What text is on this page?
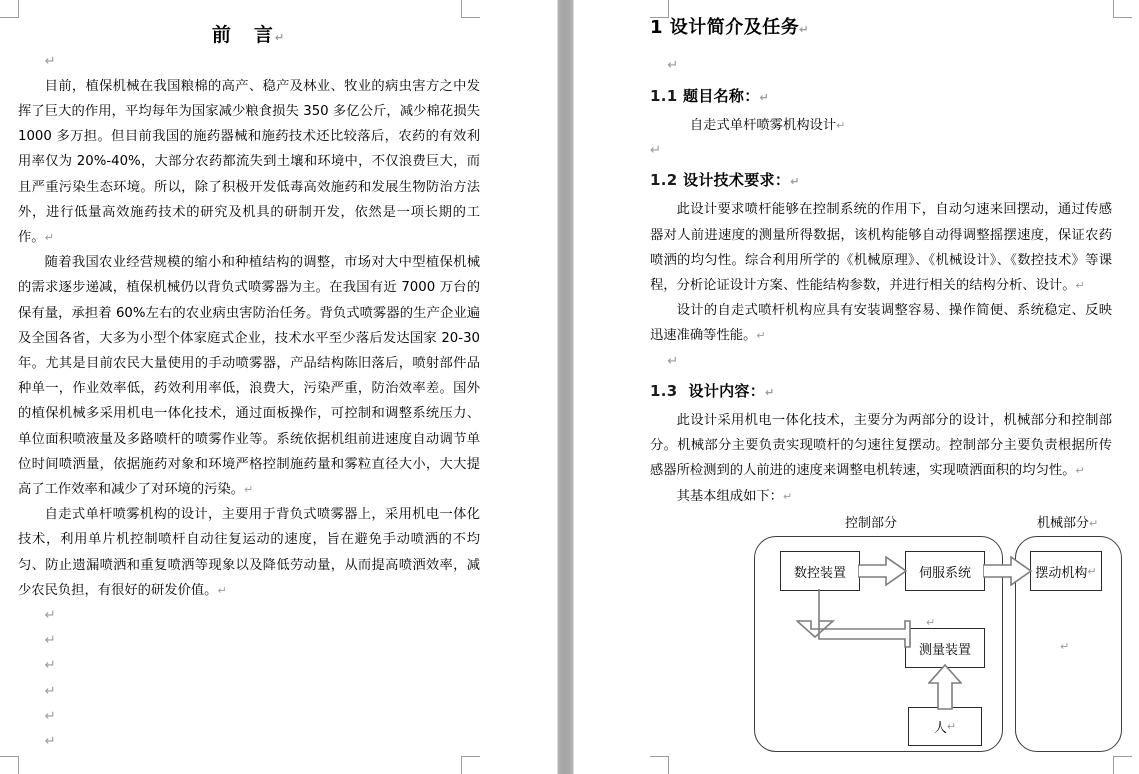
前　言↵

↵

目前，植保机械在我国粮棉的高产、稳产及林业、牧业的病虫害方之中发挥了巨大的作用，平均每年为国家减少粮食损失 350 多亿公斤，减少棉花损失 1000 多万担。但目前我国的施药器械和施药技术还比较落后，农药的有效利用率仅为 20%-40%，大部分农药都流失到土壤和环境中，不仅浪费巨大，而且严重污染生态环境。所以，除了积极开发低毒高效施药和发展生物防治方法外，进行低量高效施药技术的研究及机具的研制开发，依然是一项长期的工作。↵

随着我国农业经营规模的缩小和种植结构的调整，市场对大中型植保机械的需求逐步递减，植保机械仍以背负式喷雾器为主。在我国有近 7000 万台的保有量，承担着 60%左右的农业病虫害防治任务。背负式喷雾器的生产企业遍及全国各省，大多为小型个体家庭式企业，技术水平至少落后发达国家 20-30 年。尤其是目前农民大量使用的手动喷雾器，产品结构陈旧落后，喷射部件品种单一，作业效率低，药效利用率低，浪费大，污染严重，防治效率差。国外的植保机械多采用机电一体化技术，通过面板操作，可控制和调整系统压力、单位面积喷液量及多路喷杆的喷雾作业等。系统依据机组前进速度自动调节单位时间喷洒量，依据施药对象和环境严格控制施药量和雾粒直径大小，大大提高了工作效率和减少了对环境的污染。↵

自走式单杆喷雾机构的设计，主要用于背负式喷雾器上，采用机电一体化技术，利用单片机控制喷杆自动往复运动的速度，旨在避免手动喷洒的不均匀、防止遗漏喷洒和重复喷洒等现象以及降低劳动量，从而提高喷洒效率，减少农民负担，有很好的研发价值。↵

↵

↵

↵

↵

↵

↵

1 设计简介及任务↵

↵

1.1 题目名称：↵

自走式单杆喷雾机构设计↵

↵

1.2 设计技术要求：↵

此设计要求喷杆能够在控制系统的作用下，自动匀速来回摆动，通过传感器对人前进速度的测量所得数据，该机构能够自动得调整摇摆速度，保证农药喷洒的均匀性。综合利用所学的《机械原理》、《机械设计》、《数控技术》等课程，分析论证设计方案、性能结构参数，并进行相关的结构分析、设计。↵

设计的自走式喷杆机构应具有安装调整容易、操作简便、系统稳定、反映迅速准确等性能。↵

↵

1.3 设计内容：↵

此设计采用机电一体化技术，主要分为两部分的设计，机械部分和控制部分。机械部分主要负责实现喷杆的匀速往复摆动。控制部分主要负责根据所传感器所检测到的人前进的速度来调整电机转速，实现喷洒面积的均匀性。↵

其基本组成如下：↵

控制部分	机械部分↵
数控装置	伺服系统	摆动机构 ↵
测量装置
人 ↵
↵
↵
